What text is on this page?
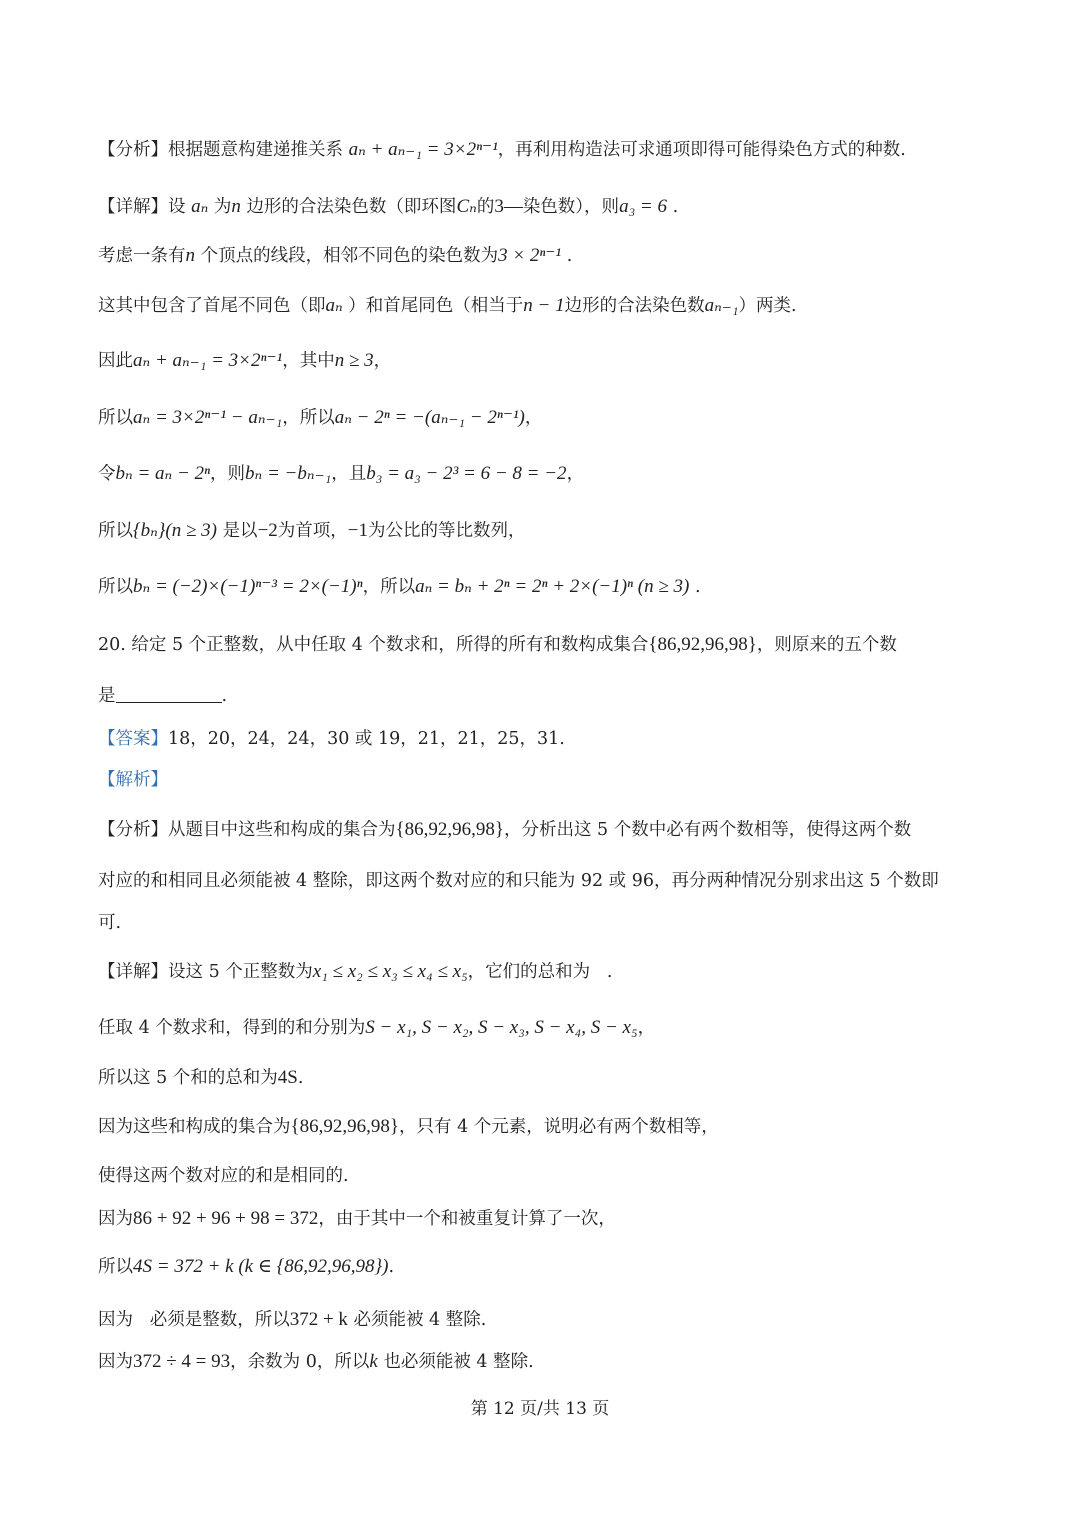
【分析】根据题意构建递推关系 aₙ + aₙ₋₁ = 3×2ⁿ⁻¹，再利用构造法可求通项即得可能得染色方式的种数.
【详解】设 aₙ 为n 边形的合法染色数（即环图Cₙ的3—染色数），则a₃ = 6 .
考虑一条有n 个顶点的线段，相邻不同色的染色数为3 × 2ⁿ⁻¹ .
这其中包含了首尾不同色（即aₙ ）和首尾同色（相当于n − 1边形的合法染色数aₙ₋₁）两类.
因此aₙ + aₙ₋₁ = 3×2ⁿ⁻¹，其中n ≥ 3，
所以aₙ = 3×2ⁿ⁻¹ − aₙ₋₁，所以aₙ − 2ⁿ = −(aₙ₋₁ − 2ⁿ⁻¹)，
令bₙ = aₙ − 2ⁿ，则bₙ = −bₙ₋₁，且b₃ = a₃ − 2³ = 6 − 8 = −2，
所以{bₙ}(n ≥ 3) 是以−2为首项，−1为公比的等比数列，
所以bₙ = (−2)×(−1)ⁿ⁻³ = 2×(−1)ⁿ，所以aₙ = bₙ + 2ⁿ = 2ⁿ + 2×(−1)ⁿ (n ≥ 3) .
20. 给定 5 个正整数，从中任取 4 个数求和，所得的所有和数构成集合{86,92,96,98}，则原来的五个数
是	.
【答案】18，20，24，24，30 或 19，21，21，25，31.
【解析】
【分析】从题目中这些和构成的集合为{86,92,96,98}，分析出这 5 个数中必有两个数相等，使得这两个数
对应的和相同且必须能被 4 整除，即这两个数对应的和只能为 92 或 96，再分两种情况分别求出这 5 个数即
可.
【详解】设这 5 个正整数为x₁ ≤ x₂ ≤ x₃ ≤ x₄ ≤ x₅，它们的总和为 .
任取 4 个数求和，得到的和分别为S − x₁, S − x₂, S − x₃, S − x₄, S − x₅，
所以这 5 个和的总和为4S.
因为这些和构成的集合为{86,92,96,98}，只有 4 个元素，说明必有两个数相等，
使得这两个数对应的和是相同的.
因为86 + 92 + 96 + 98 = 372，由于其中一个和被重复计算了一次，
所以4S = 372 + k (k ∈ {86,92,96,98}).
因为 必须是整数，所以372 + k 必须能被 4 整除.
因为372 ÷ 4 = 93，余数为 0，所以k 也必须能被 4 整除.
第 12 页/共 13 页
